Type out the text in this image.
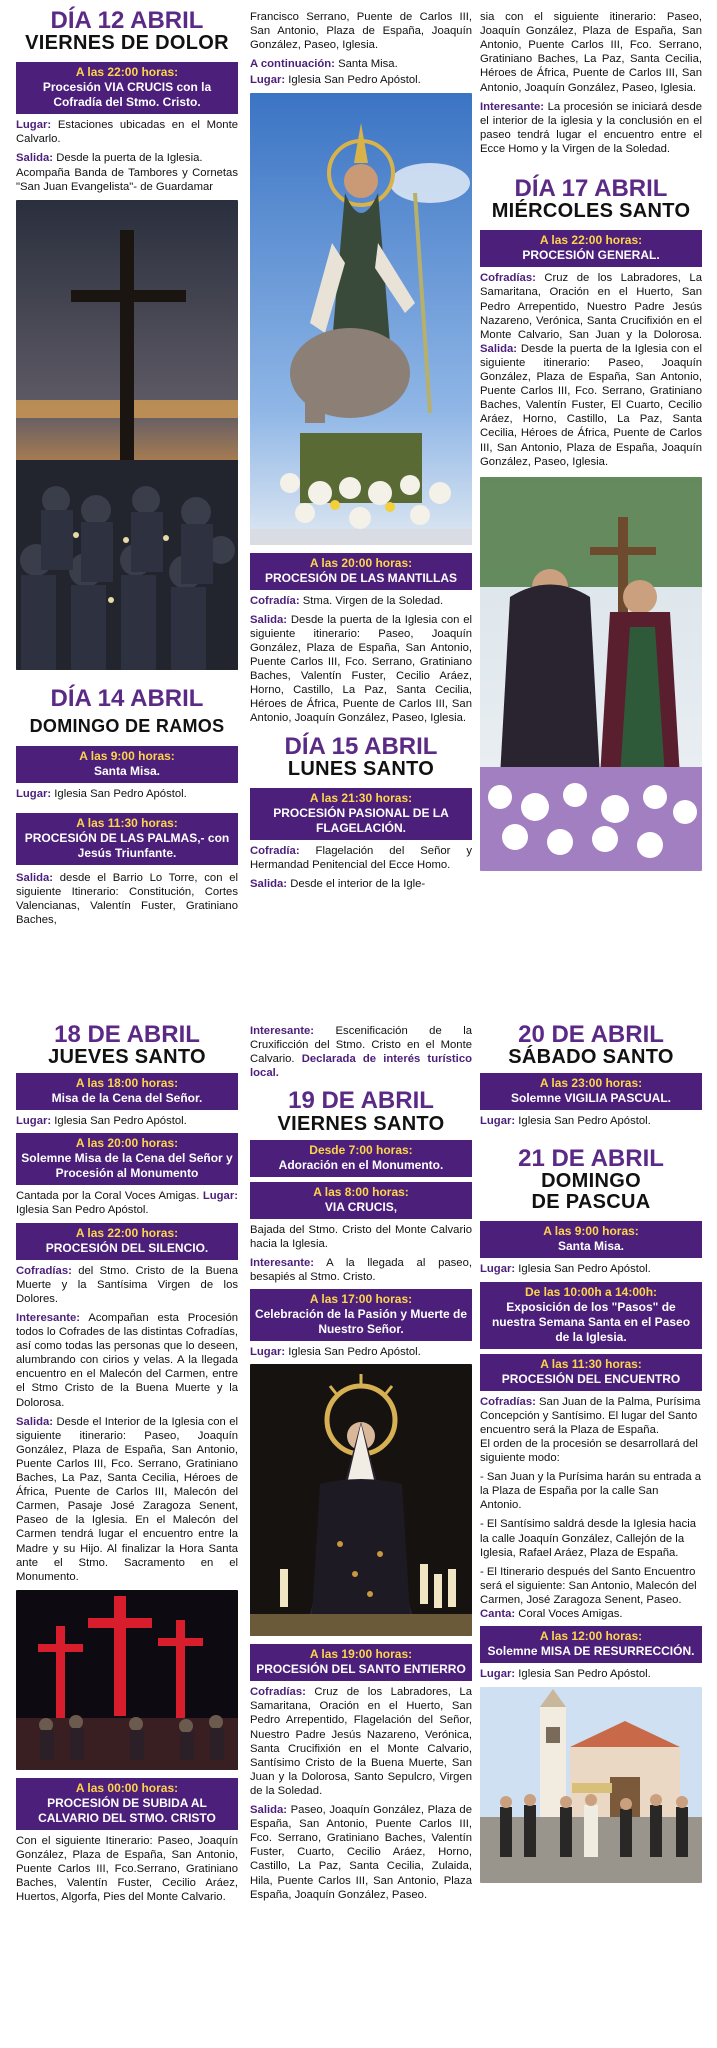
DÍA 12 ABRIL
VIERNES DE DOLOR
A las 22:00 horas:
Procesión VIA CRUCIS con la Cofradía del Stmo. Cristo.

Lugar: Estaciones ubicadas en el Monte Calvarlo.

Salida: Desde la puerta de la Iglesia.
Acompaña Banda de Tambores y Cornetas "San Juan Evangelista"- de Guardamar

DÍA 14 ABRIL
DOMINGO DE RAMOS
A las 9:00 horas:
Santa Misa.

Lugar: Iglesia San Pedro Apóstol.

A las 11:30 horas:
PROCESIÓN DE LAS PALMAS,- con Jesús Triunfante.

Salida: desde el Barrio Lo Torre, con el siguiente Itinerario: Constitución, Cortes Valencianas, Valentín Fuster, Gratiniano Baches,

Francisco Serrano, Puente de Carlos III, San Antonio, Plaza de España, Joaquín González, Paseo, Iglesia.

A continuación: Santa Misa.

Lugar: Iglesia San Pedro Apóstol.

A las 20:00 horas:
PROCESIÓN DE LAS MANTILLAS

Cofradía: Stma. Virgen de la Soledad.

Salida: Desde la puerta de la Iglesia con el siguiente itinerario: Paseo, Joaquín González, Plaza de España, San Antonio, Puente Carlos III, Fco. Serrano, Gratiniano Baches, Valentín Fuster, Cecilio Aráez, Horno, Castillo, La Paz, Santa Cecilia, Héroes de África, Puente de Carlos III, San Antonio, Joaquín González, Paseo, Iglesia.

DÍA 15 ABRIL
LUNES SANTO
A las 21:30 horas:
PROCESIÓN PASIONAL DE LA FLAGELACIÓN.

Cofradía: Flagelación del Señor y Hermandad Penitencial del Ecce Homo.

Salida: Desde el interior de la Igle-

sia con el siguiente itinerario: Paseo, Joaquín González, Plaza de España, San Antonio, Puente Carlos III, Fco. Serrano, Gratiniano Baches, La Paz, Santa Cecilia, Héroes de África, Puente de Carlos III, San Antonio, Joaquín González, Paseo, Iglesia.

Interesante: La procesión se iniciará desde el interior de la iglesia y la conclusión en el paseo tendrá lugar el encuentro entre el Ecce Homo y la Virgen de la Soledad.

DÍA 17 ABRIL
MIÉRCOLES SANTO
A las 22:00 horas:
PROCESIÓN GENERAL.

Cofradías: Cruz de los Labradores, La Samaritana, Oración en el Huerto, San Pedro Arrepentido, Nuestro Padre Jesús Nazareno, Verónica, Santa Crucifixión en el Monte Calvario, San Juan y la Dolorosa. Salida: Desde la puerta de la Iglesia con el siguiente itinerario: Paseo, Joaquín González, Plaza de España, San Antonio, Puente Carlos III, Fco. Serrano, Gratiniano Baches, Valentín Fuster, El Cuarto, Cecilio Aráez, Horno, Castillo, La Paz, Santa Cecilia, Héroes de África, Puente de Carlos III, San Antonio, Plaza de España, Joaquín González, Paseo, Iglesia.

18 DE ABRIL
JUEVES SANTO
A las 18:00 horas:
Misa de la Cena del Señor.

Lugar: Iglesia San Pedro Apóstol.

A las 20:00 horas:
Solemne Misa de la Cena del Señor y Procesión al Monumento

Cantada por la Coral Voces Amigas. Lugar: Iglesia San Pedro Apóstol.

A las 22:00 horas:
PROCESIÓN DEL SILENCIO.

Cofradías: del Stmo. Cristo de la Buena Muerte y la Santísima Virgen de los Dolores.

Interesante: Acompañan esta Procesión todos lo Cofrades de las distintas Cofradías, así como todas las personas que lo deseen, alumbrando con cirios y velas. A la llegada encuentro en el Malecón del Carmen, entre el Stmo Cristo de la Buena Muerte y la Dolorosa.

Salida: Desde el Interior de la Iglesia con el siguiente itinerario: Paseo, Joaquín González, Plaza de España, San Antonio, Puente Carlos III, Fco. Serrano, Gratiniano Baches, La Paz, Santa Cecilia, Héroes de África, Puente de Carlos III, Malecón del Carmen, Pasaje José Zaragoza Senent, Paseo de la Iglesia. En el Malecón del Carmen tendrá lugar el encuentro entre la Madre y su Hijo. Al finalizar la Hora Santa ante el Stmo. Sacramento en el Monumento.

A las 00:00 horas:
PROCESIÓN DE SUBIDA AL CALVARIO DEL STMO. CRISTO

Con el siguiente Itinerario: Paseo, Joaquín González, Plaza de España, San Antonio, Puente Carlos III, Fco.Serrano, Gratiniano Baches, Valentín Fuster, Cecilio Aráez, Huertos, Algorfa, Pies del Monte Calvario.

Interesante: Escenificación de la Cruxificción del Stmo. Cristo en el Monte Calvario. Declarada de interés turístico local.

19 DE ABRIL
VIERNES SANTO
Desde 7:00 horas:
Adoración en el Monumento.
A las 8:00 horas:
VIA CRUCIS,

Bajada del Stmo. Cristo del Monte Calvario hacia la Iglesia.

Interesante: A la llegada al paseo, besapiés al Stmo. Cristo.

A las 17:00 horas:
Celebración de la Pasión y Muerte de Nuestro Señor.

Lugar: Iglesia San Pedro Apóstol.

A las 19:00 horas:
PROCESIÓN DEL SANTO ENTIERRO

Cofradías: Cruz de los Labradores, La Samaritana, Oración en el Huerto, San Pedro Arrepentido, Flagelación del Señor, Nuestro Padre Jesús Nazareno, Verónica, Santa Crucifixión en el Monte Calvario, Santísimo Cristo de la Buena Muerte, San Juan y la Dolorosa, Santo Sepulcro, Virgen de la Soledad.

Salida: Paseo, Joaquín González, Plaza de España, San Antonio, Puente Carlos III, Fco. Serrano, Gratiniano Baches, Valentín Fuster, Cuarto, Cecilio Aráez, Horno, Castillo, La Paz, Santa Cecilia, Zulaida, Hila, Puente Carlos III, San Antonio, Plaza España, Joaquín González, Paseo.

20 DE ABRIL
SÁBADO SANTO
A las 23:00 horas:
Solemne VIGILIA PASCUAL.

Lugar: Iglesia San Pedro Apóstol.

21 DE ABRIL
DOMINGO
DE PASCUA
A las 9:00 horas:
Santa Misa.

Lugar: Iglesia San Pedro Apóstol.

De las 10:00h a 14:00h:
Exposición de los "Pasos" de nuestra Semana Santa en el Paseo de la Iglesia.
A las 11:30 horas:
PROCESIÓN DEL ENCUENTRO

Cofradías: San Juan de la Palma, Purísima Concepción y Santísimo. El lugar del Santo encuentro será la Plaza de España.
El orden de la procesión se desarrollará del siguiente modo:

- San Juan y la Purísima harán su entrada a la Plaza de España por la calle San Antonio.

- El Santísimo saldrá desde la Iglesia hacia la calle Joaquín González, Callejón de la Iglesia, Rafael Aráez, Plaza de España.

- El Itinerario después del Santo Encuentro será el siguiente: San Antonio, Malecón del Carmen, José Zaragoza Senent, Paseo.
Canta: Coral Voces Amigas.

A las 12:00 horas:
Solemne MISA DE RESURRECCIÓN.

Lugar: Iglesia San Pedro Apóstol.
